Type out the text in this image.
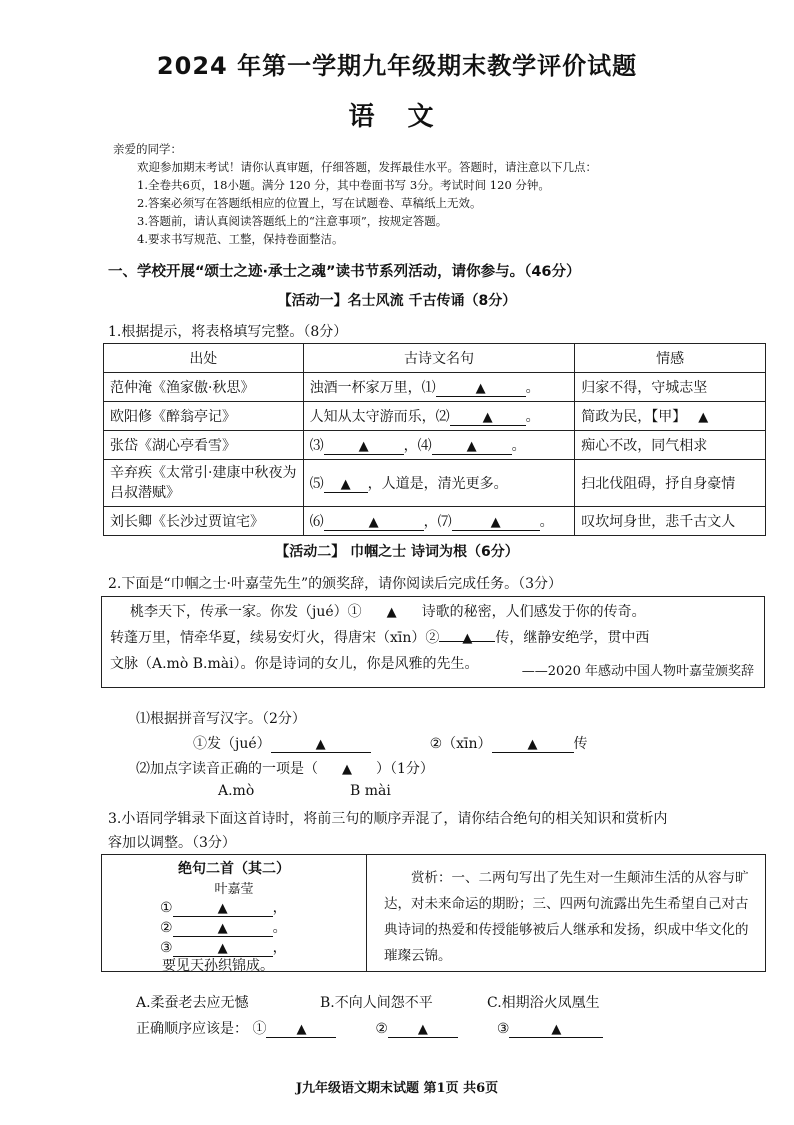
2024 年第一学期九年级期末教学评价试题
语 文
亲爱的同学：
欢迎参加期末考试！请你认真审题，仔细答题，发挥最佳水平。答题时，请注意以下几点：
1.全卷共6页，18小题。满分 120 分，其中卷面书写 3分。考试时间 120 分钟。
2.答案必须写在答题纸相应的位置上，写在试题卷、草稿纸上无效。
3.答题前，请认真阅读答题纸上的“注意事项”，按规定答题。
4.要求书写规范、工整，保持卷面整洁。
一、学校开展“颂士之迹·承士之魂”读书节系列活动，请你参与。（46分）
【活动一】名士风流 千古传诵（8分）
1.根据提示，将表格填写完整。（8分）
出处	古诗文名句	情感
范仲淹《渔家傲·秋思》	浊酒一杯家万里，⑴ ▲ 。	归家不得，守城志坚
欧阳修《醉翁亭记》	人知从太守游而乐，⑵ ▲ 。	简政为民，【甲】 ▲
张岱《湖心亭看雪》	⑶ ▲ ，⑷ ▲ 。	痴心不改，同气相求
辛弃疾《太常引·建康中秋夜为吕叔潜赋》	⑸ ▲ ，人道是，清光更多。	扫北伐阻碍，抒自身豪情
刘长卿《长沙过贾谊宅》	⑹ ▲ ，⑺ ▲ 。	叹坎坷身世，悲千古文人
【活动二】 巾帼之士 诗词为根（6分）
2.下面是“巾帼之士·叶嘉莹先生”的颁奖辞，请你阅读后完成任务。（3分）
桃李天下，传承一家。你发（jué）① ▲ 诗歌的秘密，人们感发于你的传奇。
转蓬万里，情牵华夏，续易安灯火，得唐宋（xīn）② ▲ 传，继静安绝学，贯中西
文脉（A.mò B.mài）。你是诗词的女儿，你是风雅的先生。	——2020 年感动中国人物叶嘉莹颁奖辞
⑴根据拼音写汉字。（2分）
①发（jué）	▲	②（xīn）	▲	传
⑵加点字读音正确的一项是（ ▲ ）（1分）
A.mò	B mài
3.小语同学辑录下面这首诗时，将前三句的顺序弄混了，请你结合绝句的相关知识和赏析内
容加以调整。（3分）
绝句二首（其二）
叶嘉莹
①	▲	，
②	▲	。
③	▲	，
要见天孙织锦成。
赏析：一、二两句写出了先生对一生颠沛生活的从容与旷达，对未来命运的期盼；三、四两句流露出先生希望自己对古典诗词的热爱和传授能够被后人继承和发扬，织成中华文化的璀璨云锦。
A.柔蚕老去应无憾	B.不向人间怨不平	C.相期浴火凤凰生
正确顺序应该是： ① ▲	② ▲	③	▲
J九年级语文期末试题 第1页 共6页
